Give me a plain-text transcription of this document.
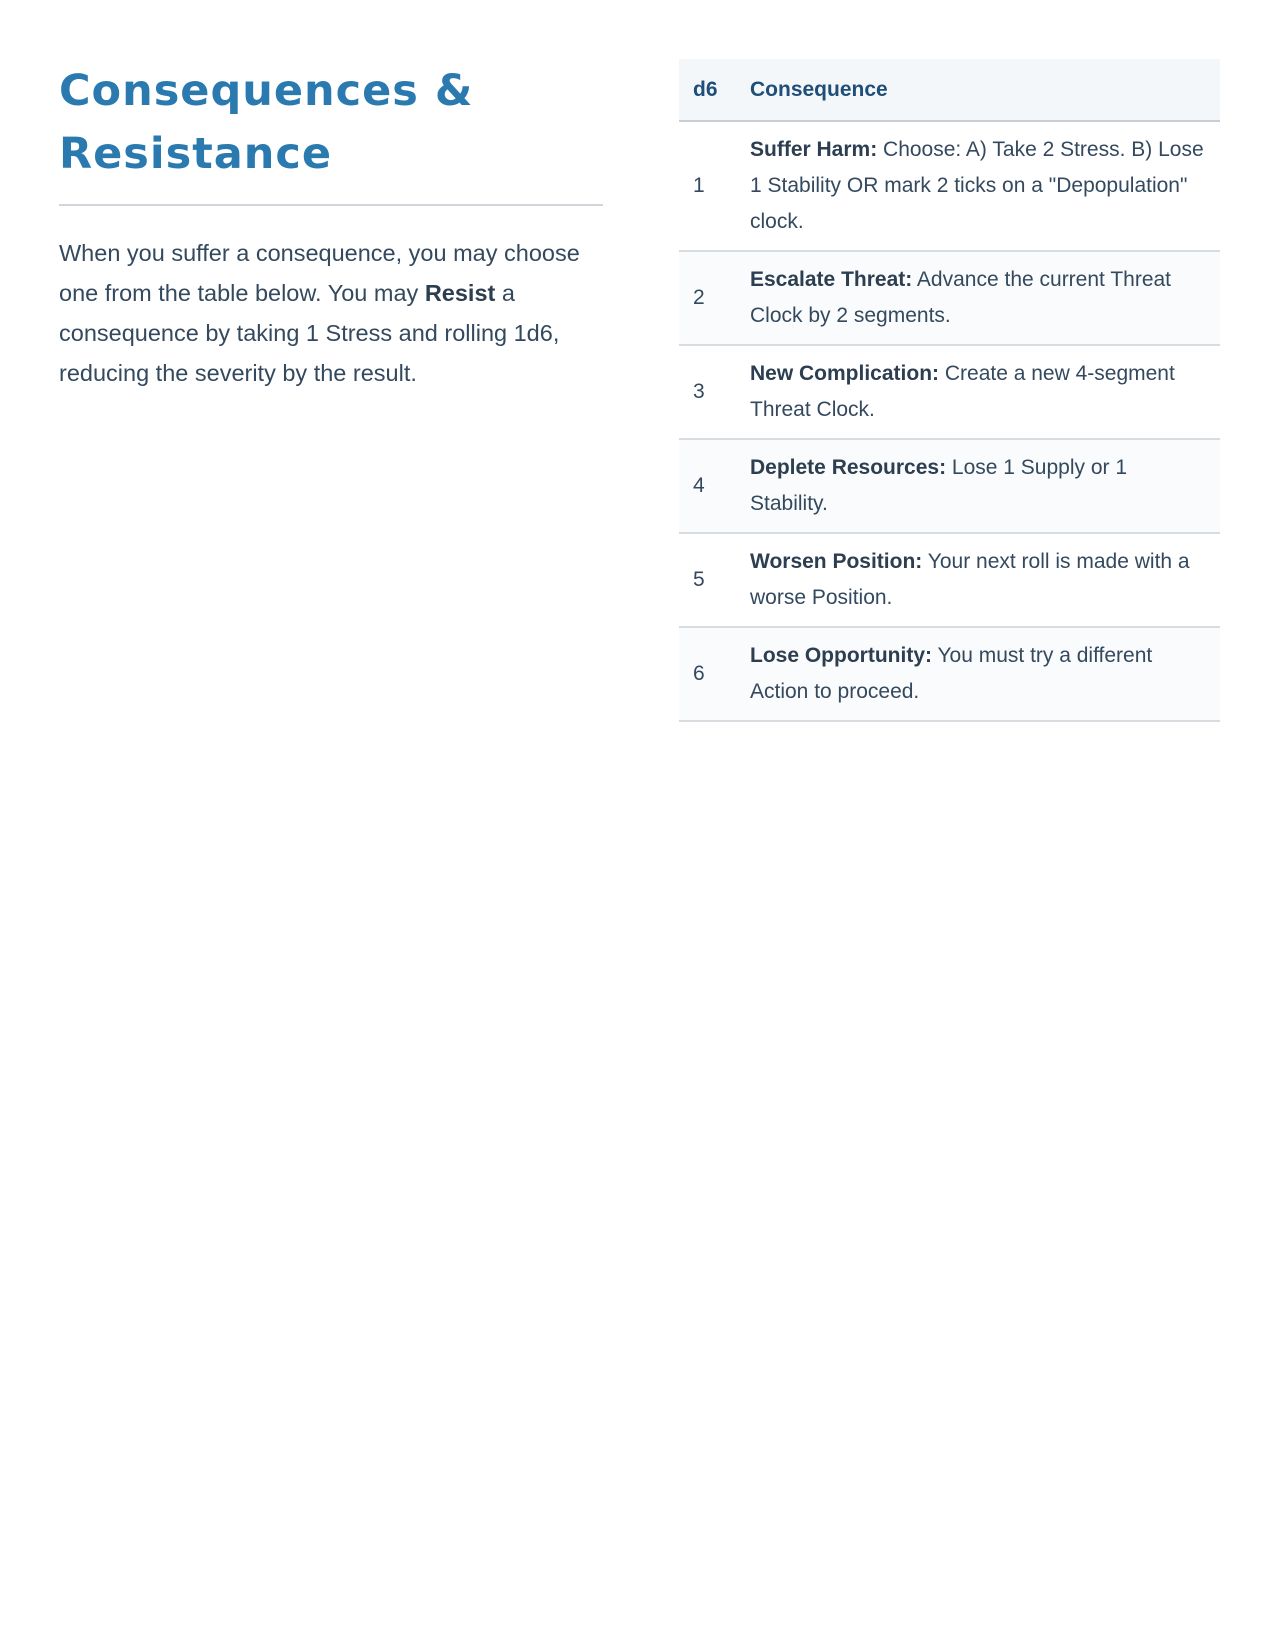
Consequences & Resistance

When you suffer a consequence, you may choose one from the table below. You may Resist a consequence by taking 1 Stress and rolling 1d6, reducing the severity by the result.

d6	Consequence
1	Suffer Harm: Choose: A) Take 2 Stress. B) Lose 1 Stability OR mark 2 ticks on a "Depopulation" clock.
2	Escalate Threat: Advance the current Threat Clock by 2 segments.
3	New Complication: Create a new 4-segment Threat Clock.
4	Deplete Resources: Lose 1 Supply or 1 Stability.
5	Worsen Position: Your next roll is made with a worse Position.
6	Lose Opportunity: You must try a different Action to proceed.
